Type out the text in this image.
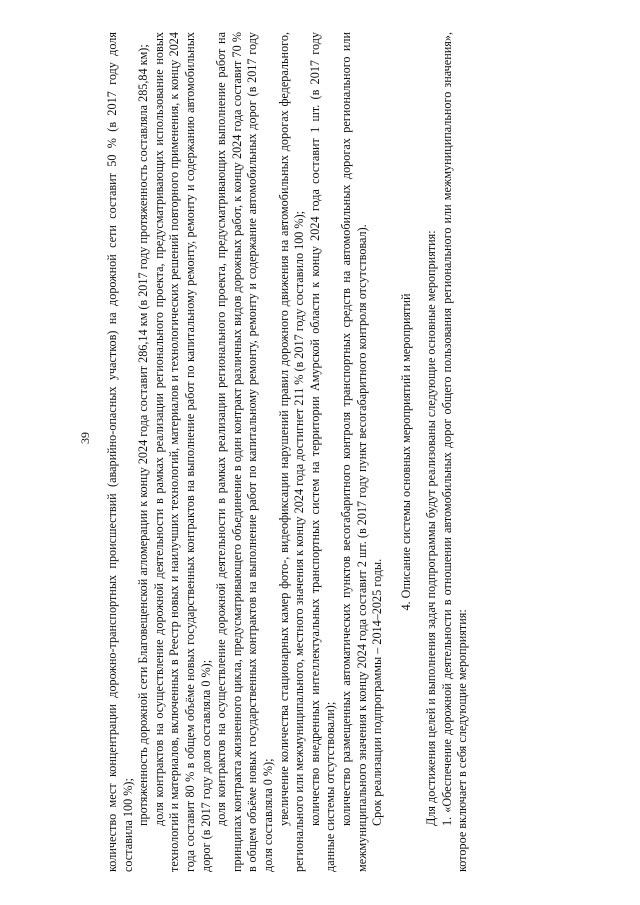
39 количество мест концентрации дорожно-транспортных происшествий (аварийно-опасных участков) на дорожной сети составит 50 % (в 2017 году доля составила 100 %); протяженность дорожной сети Благовещенской агломерации к концу 2024 года составит 286,14 км (в 2017 году протяженность составляла 285,84 км); доля контрактов на осуществление дорожной деятельности в рамках реализации регионального проекта, предусматривающих использование новых технологий и материалов, включенных в Реестр новых и наилучших технологий, материалов и технологических решений повторного применения, к концу 2024 года составит 80 % в общем объёме новых государственных контрактов на выполнение работ по капитальному ремонту, ремонту и содержанию автомобильных дорог (в 2017 году доля составляла 0 %); доля контрактов на осуществление дорожной деятельности в рамках реализации регионального проекта, предусматривающих выполнение работ на принципах контракта жизненного цикла, предусматривающего объединение в один контракт различных видов дорожных работ, к концу 2024 года составит 70 % в общем объёме новых государственных контрактов на выполнение работ по капитальному ремонту, ремонту и содержание автомобильных дорог (в 2017 году доля составляла 0 %); увеличение количества стационарных камер фото-, видеофиксации нарушений правил дорожного движения на автомобильных дорогах федерального, регионального или межмуниципального, местного значения к концу 2024 года достигнет 211 % (в 2017 году составило 100 %); количество внедренных интеллектуальных транспортных систем на территории Амурской области к концу 2024 года составит 1 шт. (в 2017 году данные системы отсутствовали); количество размещенных автоматических пунктов весогабаритного контроля транспортных средств на автомобильных дорогах регионального или межмуниципального значения к концу 2024 года составит 2 шт. (в 2017 году пункт весогабаритного контроля отсутствовал). Срок реализации подпрограммы – 2014–2025 годы.

4. Описание системы основных мероприятий и мероприятий Для достижения целей и выполнения задач подпрограммы будут реализованы следующие основные мероприятия: 1. «Обеспечение дорожной деятельности в отношении автомобильных дорог общего пользования регионального или межмуниципального значения», которое включает в себя следующие мероприятия:
